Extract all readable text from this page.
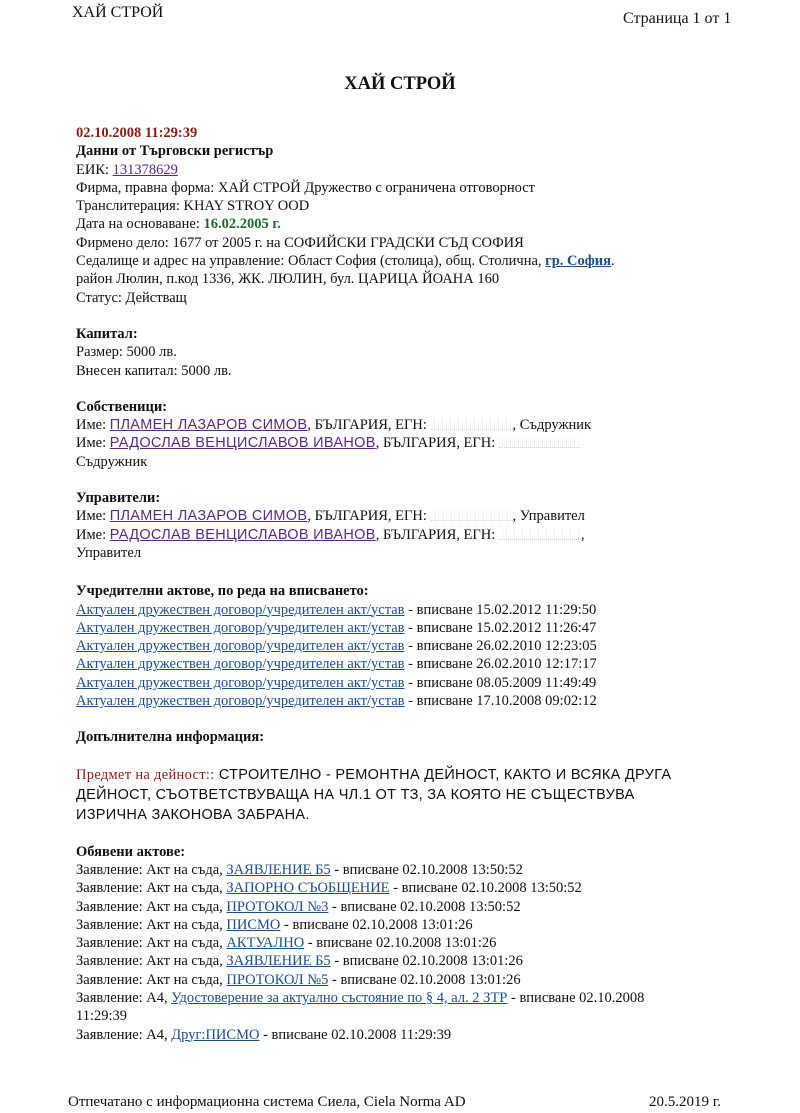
ХАЙ СТРОЙ	Страница 1 от 1
ХАЙ СТРОЙ
02.10.2008 11:29:39
Данни от Търговски регистър
ЕИК: 131378629
Фирма, правна форма: ХАЙ СТРОЙ Дружество с ограничена отговорност
Транслитерация: KHAY STROY OOD
Дата на основаване: 16.02.2005 г.
Фирмено дело: 1677 от 2005 г. на СОФИЙСКИ ГРАДСКИ СЪД СОФИЯ
Седалище и адрес на управление: Област София (столица), общ. Столична, гр. София.
район Люлин, п.код 1336, ЖК. ЛЮЛИН, бул. ЦАРИЦА ЙОАНА 160
Статус: Действащ
Капитал:
Размер: 5000 лв.
Внесен капитал: 5000 лв.
Собственици:
Име: ПЛАМЕН ЛАЗАРОВ СИМОВ, БЪЛГАРИЯ, ЕГН:	, Съдружник
Име: РАДОСЛАВ ВЕНЦИСЛАВОВ ИВАНОВ, БЪЛГАРИЯ, ЕГН:
Съдружник
Управители:
Име: ПЛАМЕН ЛАЗАРОВ СИМОВ, БЪЛГАРИЯ, ЕГН:	, Управител
Име: РАДОСЛАВ ВЕНЦИСЛАВОВ ИВАНОВ, БЪЛГАРИЯ, ЕГН:	,
Управител
Учредителни актове, по реда на вписването:
Актуален дружествен договор/учредителен акт/устав - вписване 15.02.2012 11:29:50
Актуален дружествен договор/учредителен акт/устав - вписване 15.02.2012 11:26:47
Актуален дружествен договор/учредителен акт/устав - вписване 26.02.2010 12:23:05
Актуален дружествен договор/учредителен акт/устав - вписване 26.02.2010 12:17:17
Актуален дружествен договор/учредителен акт/устав - вписване 08.05.2009 11:49:49
Актуален дружествен договор/учредителен акт/устав - вписване 17.10.2008 09:02:12
Допълнителна информация:
Предмет на дейност:: СТРОИТЕЛНО - РЕМОНТНА ДЕЙНОСТ, КАКТО И ВСЯКА ДРУГА
ДЕЙНОСТ, СЪОТВЕТСТВУВАЩА НА ЧЛ.1 ОТ ТЗ, ЗА КОЯТО НЕ СЪЩЕСТВУВА
ИЗРИЧНА ЗАКОНОВА ЗАБРАНА.
Обявени актове:
Заявление: Акт на съда, ЗАЯВЛЕНИЕ Б5 - вписване 02.10.2008 13:50:52
Заявление: Акт на съда, ЗАПОРНО СЪОБЩЕНИЕ - вписване 02.10.2008 13:50:52
Заявление: Акт на съда, ПРОТОКОЛ №3 - вписване 02.10.2008 13:50:52
Заявление: Акт на съда, ПИСМО - вписване 02.10.2008 13:01:26
Заявление: Акт на съда, АКТУАЛНО - вписване 02.10.2008 13:01:26
Заявление: Акт на съда, ЗАЯВЛЕНИЕ Б5 - вписване 02.10.2008 13:01:26
Заявление: Акт на съда, ПРОТОКОЛ №5 - вписване 02.10.2008 13:01:26
Заявление: А4, Удостоверение за актуално състояние по § 4, ал. 2 ЗТР - вписване 02.10.2008
11:29:39
Заявление: А4, Друг:ПИСМО - вписване 02.10.2008 11:29:39
Отпечатано с информационна система Сиела, Ciela Norma AD	20.5.2019 г.
